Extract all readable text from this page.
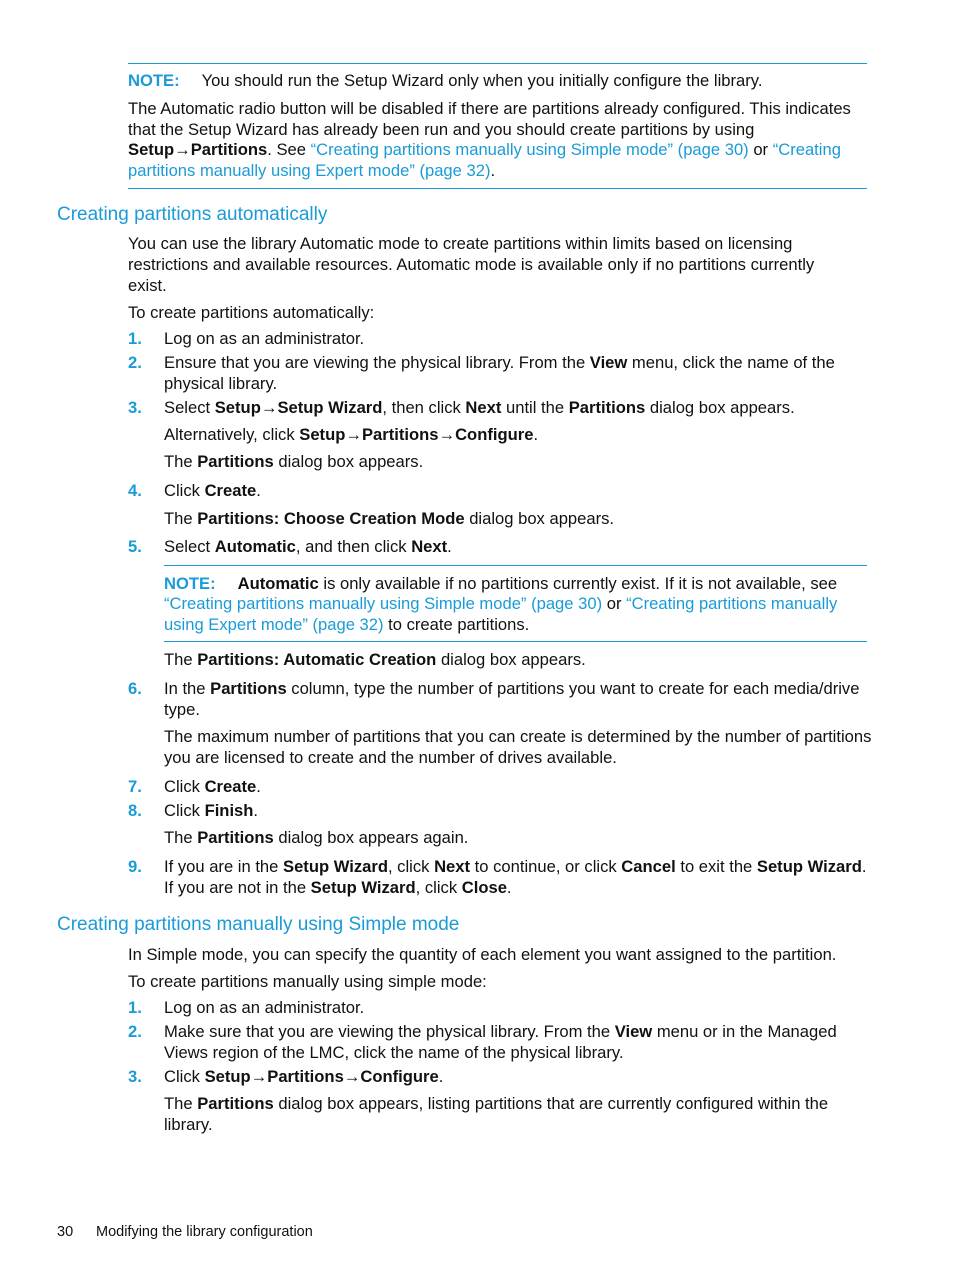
NOTE: You should run the Setup Wizard only when you initially configure the library.
The Automatic radio button will be disabled if there are partitions already configured. This indicates
that the Setup Wizard has already been run and you should create partitions by using
Setup→Partitions. See “Creating partitions manually using Simple mode” (page 30) or “Creating
partitions manually using Expert mode” (page 32).
Creating partitions automatically
You can use the library Automatic mode to create partitions within limits based on licensing
restrictions and available resources. Automatic mode is available only if no partitions currently
exist.
To create partitions automatically:
1. Log on as an administrator.
2. Ensure that you are viewing the physical library. From the View menu, click the name of the
physical library.
3. Select Setup→Setup Wizard, then click Next until the Partitions dialog box appears.
Alternatively, click Setup→Partitions→Configure.
The Partitions dialog box appears.
4. Click Create.
The Partitions: Choose Creation Mode dialog box appears.
5. Select Automatic, and then click Next.
NOTE: Automatic is only available if no partitions currently exist. If it is not available, see
“Creating partitions manually using Simple mode” (page 30) or “Creating partitions manually
using Expert mode” (page 32) to create partitions.
The Partitions: Automatic Creation dialog box appears.
6. In the Partitions column, type the number of partitions you want to create for each media/drive
type.
The maximum number of partitions that you can create is determined by the number of partitions
you are licensed to create and the number of drives available.
7. Click Create.
8. Click Finish.
The Partitions dialog box appears again.
9. If you are in the Setup Wizard, click Next to continue, or click Cancel to exit the Setup Wizard.
If you are not in the Setup Wizard, click Close.
Creating partitions manually using Simple mode
In Simple mode, you can specify the quantity of each element you want assigned to the partition.
To create partitions manually using simple mode:
1. Log on as an administrator.
2. Make sure that you are viewing the physical library. From the View menu or in the Managed
Views region of the LMC, click the name of the physical library.
3. Click Setup→Partitions→Configure.
The Partitions dialog box appears, listing partitions that are currently configured within the
library.
30 Modifying the library configuration
